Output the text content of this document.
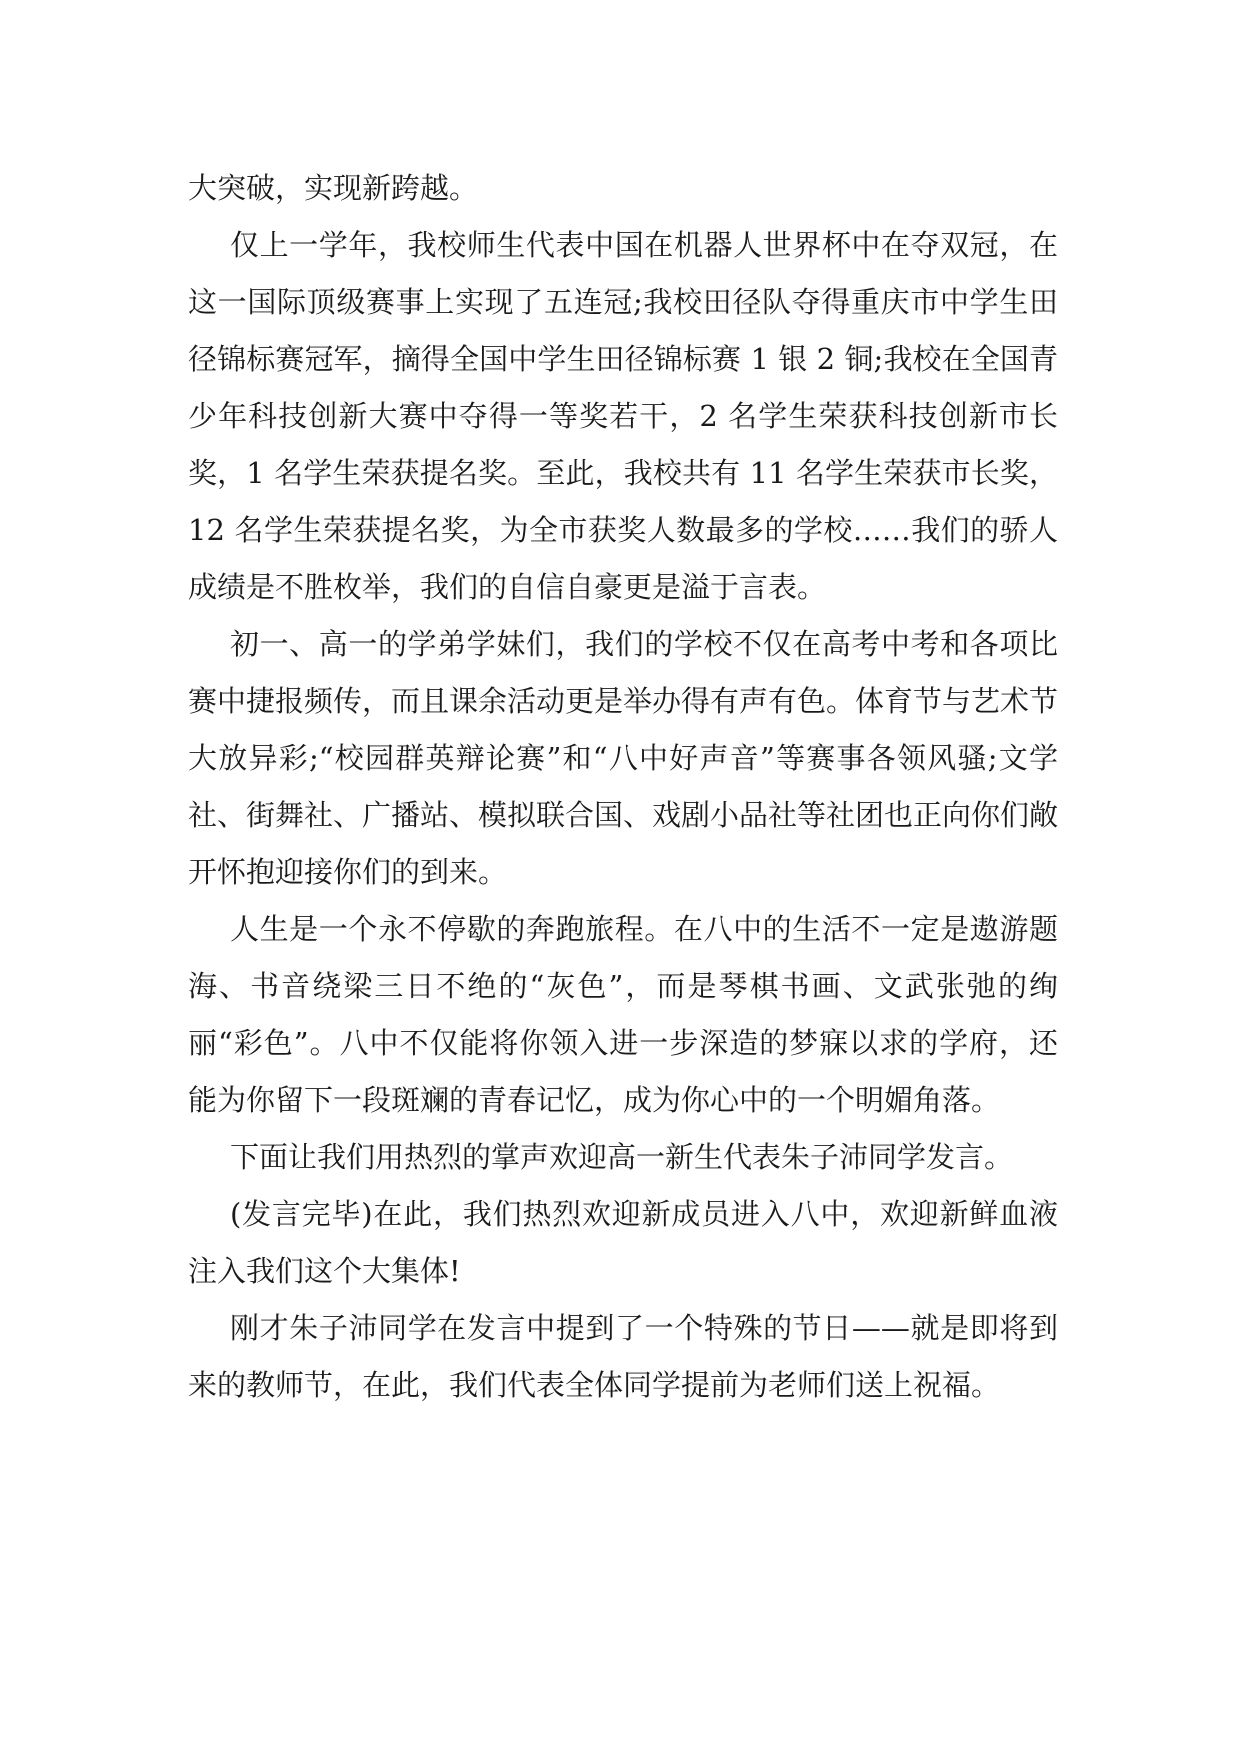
大突破，实现新跨越。

仅上一学年，我校师生代表中国在机器人世界杯中在夺双冠，在这一国际顶级赛事上实现了五连冠;我校田径队夺得重庆市中学生田径锦标赛冠军，摘得全国中学生田径锦标赛 1 银 2 铜;我校在全国青少年科技创新大赛中夺得一等奖若干，2 名学生荣获科技创新市长奖，1 名学生荣获提名奖。至此，我校共有 11 名学生荣获市长奖，12 名学生荣获提名奖，为全市获奖人数最多的学校……我们的骄人成绩是不胜枚举，我们的自信自豪更是溢于言表。

初一、高一的学弟学妹们，我们的学校不仅在高考中考和各项比赛中捷报频传，而且课余活动更是举办得有声有色。体育节与艺术节大放异彩;“校园群英辩论赛”和“八中好声音”等赛事各领风骚;文学社、街舞社、广播站、模拟联合国、戏剧小品社等社团也正向你们敞开怀抱迎接你们的到来。

人生是一个永不停歇的奔跑旅程。在八中的生活不一定是遨游题海、书音绕梁三日不绝的“灰色”，而是琴棋书画、文武张弛的绚丽“彩色”。八中不仅能将你领入进一步深造的梦寐以求的学府，还能为你留下一段斑斓的青春记忆，成为你心中的一个明媚角落。

下面让我们用热烈的掌声欢迎高一新生代表朱子沛同学发言。

(发言完毕)在此，我们热烈欢迎新成员进入八中，欢迎新鲜血液注入我们这个大集体!

刚才朱子沛同学在发言中提到了一个特殊的节日——就是即将到来的教师节，在此，我们代表全体同学提前为老师们送上祝福。
